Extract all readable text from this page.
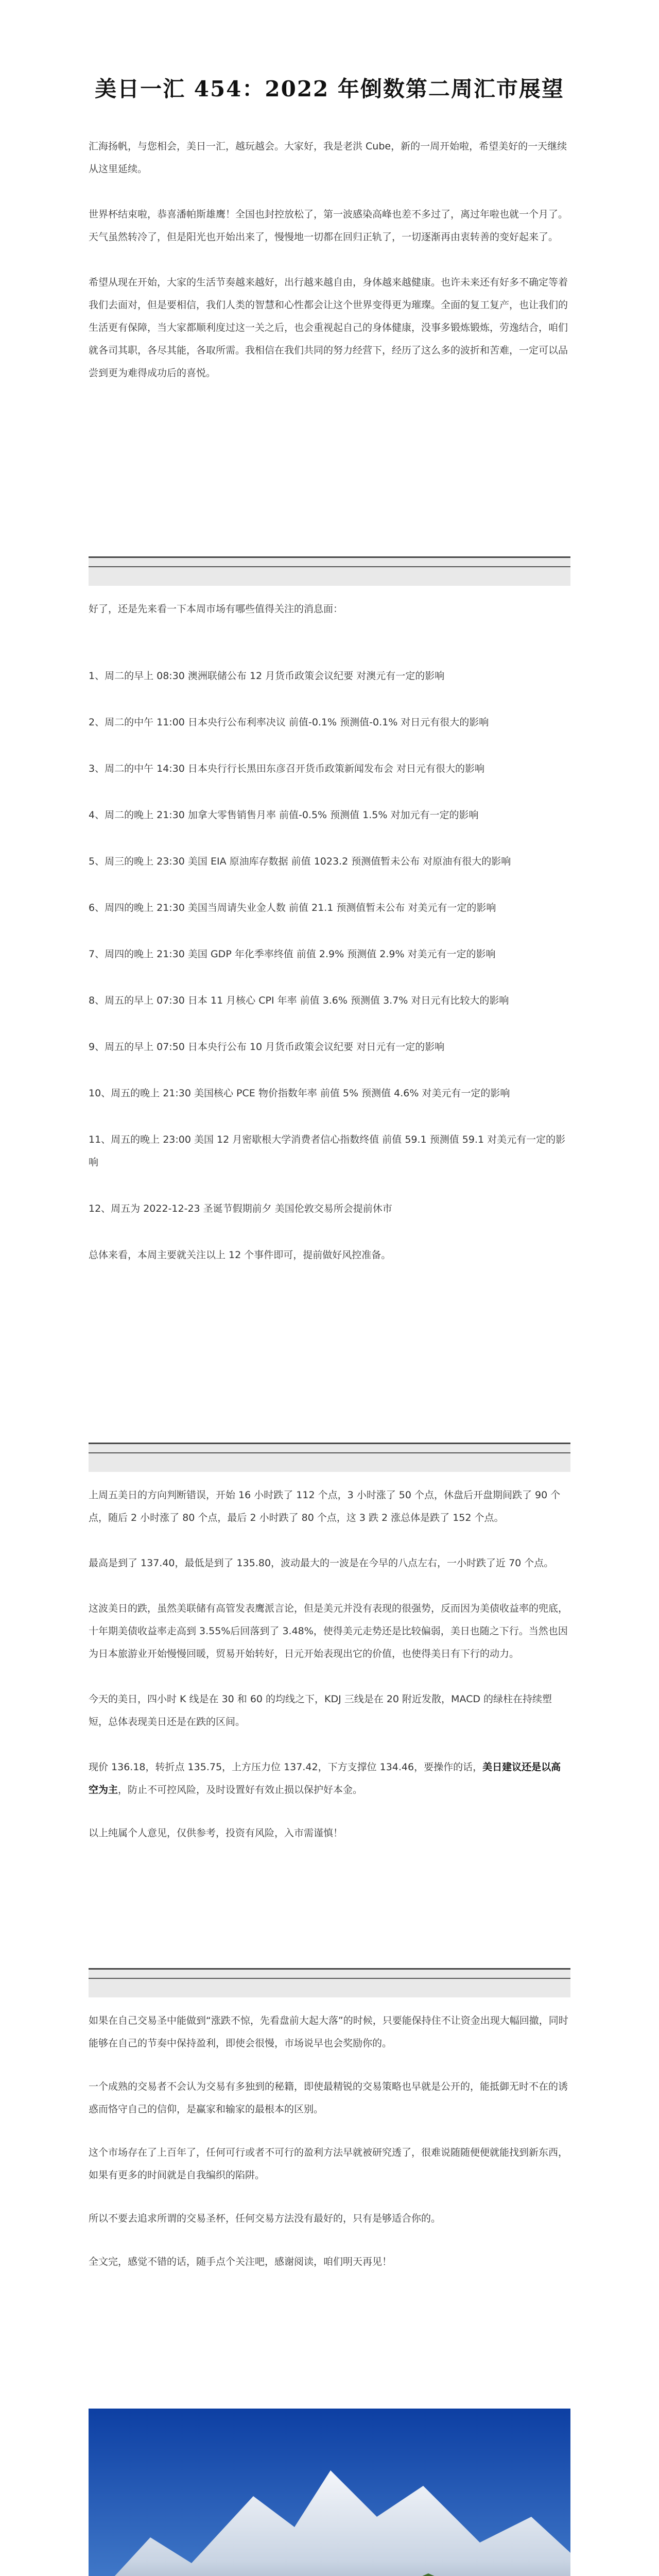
美日一汇 454：2022 年倒数第二周汇市展望

汇海扬帆，与您相会，美日一汇，越玩越会。大家好，我是老洪 Cube，新的一周开始啦，希望美好的一天继续从这里延续。

世界杯结束啦，恭喜潘帕斯雄鹰！全国也封控放松了，第一波感染高峰也差不多过了，离过年啦也就一个月了。天气虽然转冷了，但是阳光也开始出来了，慢慢地一切都在回归正轨了，一切逐渐再由衷转善的变好起来了。

希望从现在开始，大家的生活节奏越来越好，出行越来越自由，身体越来越健康。也许未来还有好多不确定等着我们去面对，但是要相信，我们人类的智慧和心性都会让这个世界变得更为璀璨。全面的复工复产，也让我们的生活更有保障，当大家都顺利度过这一关之后，也会重视起自己的身体健康，没事多锻炼锻炼，劳逸结合，咱们就各司其职，各尽其能，各取所需。我相信在我们共同的努力经营下，经历了这么多的波折和苦难，一定可以品尝到更为难得成功后的喜悦。

好了，还是先来看一下本周市场有哪些值得关注的消息面：

1、周二的早上 08:30 澳洲联储公布 12 月货币政策会议纪要 对澳元有一定的影响

2、周二的中午 11:00 日本央行公布利率决议 前值-0.1% 预测值-0.1% 对日元有很大的影响

3、周二的中午 14:30 日本央行行长黑田东彦召开货币政策新闻发布会 对日元有很大的影响

4、周二的晚上 21:30 加拿大零售销售月率 前值-0.5% 预测值 1.5% 对加元有一定的影响

5、周三的晚上 23:30 美国 EIA 原油库存数据 前值 1023.2 预测值暂未公布 对原油有很大的影响

6、周四的晚上 21:30 美国当周请失业金人数 前值 21.1 预测值暂未公布 对美元有一定的影响

7、周四的晚上 21:30 美国 GDP 年化季率终值 前值 2.9% 预测值 2.9% 对美元有一定的影响

8、周五的早上 07:30 日本 11 月核心 CPI 年率 前值 3.6% 预测值 3.7% 对日元有比较大的影响

9、周五的早上 07:50 日本央行公布 10 月货币政策会议纪要 对日元有一定的影响

10、周五的晚上 21:30 美国核心 PCE 物价指数年率 前值 5% 预测值 4.6% 对美元有一定的影响

11、周五的晚上 23:00 美国 12 月密歇根大学消费者信心指数终值 前值 59.1 预测值 59.1 对美元有一定的影响

12、周五为 2022-12-23 圣诞节假期前夕 美国伦敦交易所会提前休市

总体来看，本周主要就关注以上 12 个事件即可，提前做好风控准备。

上周五美日的方向判断错误，开始 16 小时跌了 112 个点，3 小时涨了 50 个点，休盘后开盘期间跌了 90 个点，随后 2 小时涨了 80 个点，最后 2 小时跌了 80 个点，这 3 跌 2 涨总体是跌了 152 个点。

最高是到了 137.40，最低是到了 135.80，波动最大的一波是在今早的八点左右，一小时跌了近 70 个点。

这波美日的跌，虽然美联储有高管发表鹰派言论，但是美元并没有表现的很强势，反而因为美债收益率的兜底，十年期美债收益率走高到 3.55%后回落到了 3.48%，使得美元走势还是比较偏弱，美日也随之下行。当然也因为日本旅游业开始慢慢回暖，贸易开始转好，日元开始表现出它的价值，也使得美日有下行的动力。

今天的美日，四小时 K 线是在 30 和 60 的均线之下，KDJ 三线是在 20 附近发散，MACD 的绿柱在持续塑短，总体表现美日还是在跌的区间。

现价 136.18，转折点 135.75，上方压力位 137.42，下方支撑位 134.46，要操作的话，美日建议还是以高空为主，防止不可控风险，及时设置好有效止损以保护好本金。

以上纯属个人意见，仅供参考，投资有风险，入市需谨慎！

如果在自己交易圣中能做到“涨跌不惊，先看盘前大起大落”的时候，只要能保持住不让资金出现大幅回撤，同时能够在自己的节奏中保持盈利，即使会很慢，市场说早也会奖励你的。

一个成熟的交易者不会认为交易有多独到的秘籍，即使最精锐的交易策略也早就是公开的，能抵御无时不在的诱惑而恪守自己的信仰，是赢家和输家的最根本的区别。

这个市场存在了上百年了，任何可行或者不可行的盈利方法早就被研究透了，很难说随随便便就能找到新东西，如果有更多的时间就是自我编织的陷阱。

所以不要去追求所谓的交易圣杯，任何交易方法没有最好的，只有是够适合你的。

全文完，感觉不错的话，随手点个关注吧，感谢阅读，咱们明天再见！
